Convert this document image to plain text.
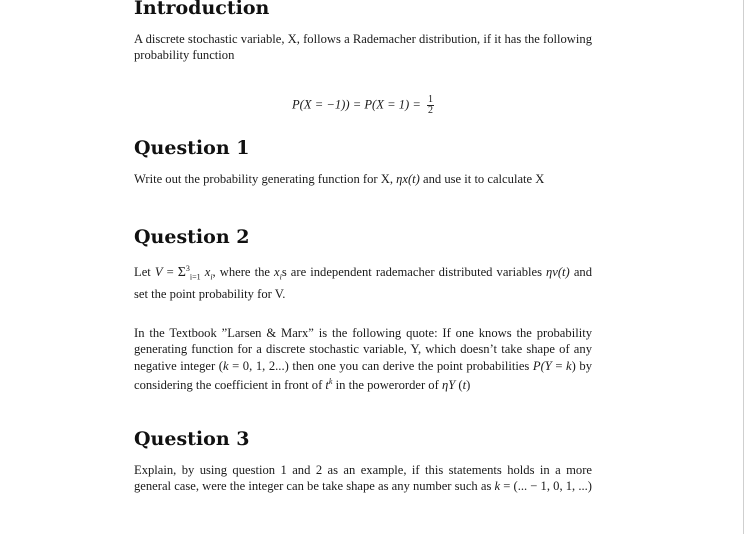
Introduction

A discrete stochastic variable, X, follows a Rademacher distribution, if it has the following probability function

$P(X = -1)) = P(X = 1) = \frac{1}{2}$
Question 1

Write out the probability generating function for X, ηx(t) and use it to calculate X

Question 2

Let $V = \Sigma^3_{i=1}$ $x_i$, where the $x_is$ are independent rademacher distributed variables ηv(t) and set the point probability for V.

In the Textbook ”Larsen & Marx” is the following quote: If one knows the probability generating function for a discrete stochastic variable, Y, which doesn’t take shape of any negative integer (k = 0, 1, 2...) then one you can derive the point probabilities P(Y = k) by considering the coefficient in front of $t^k$ in the powerorder of ηY (t)

Question 3

Explain, by using question 1 and 2 as an example, if this statements holds in a more general case, were the integer can be take shape as any number such as k = (... − 1, 0, 1, ...)
